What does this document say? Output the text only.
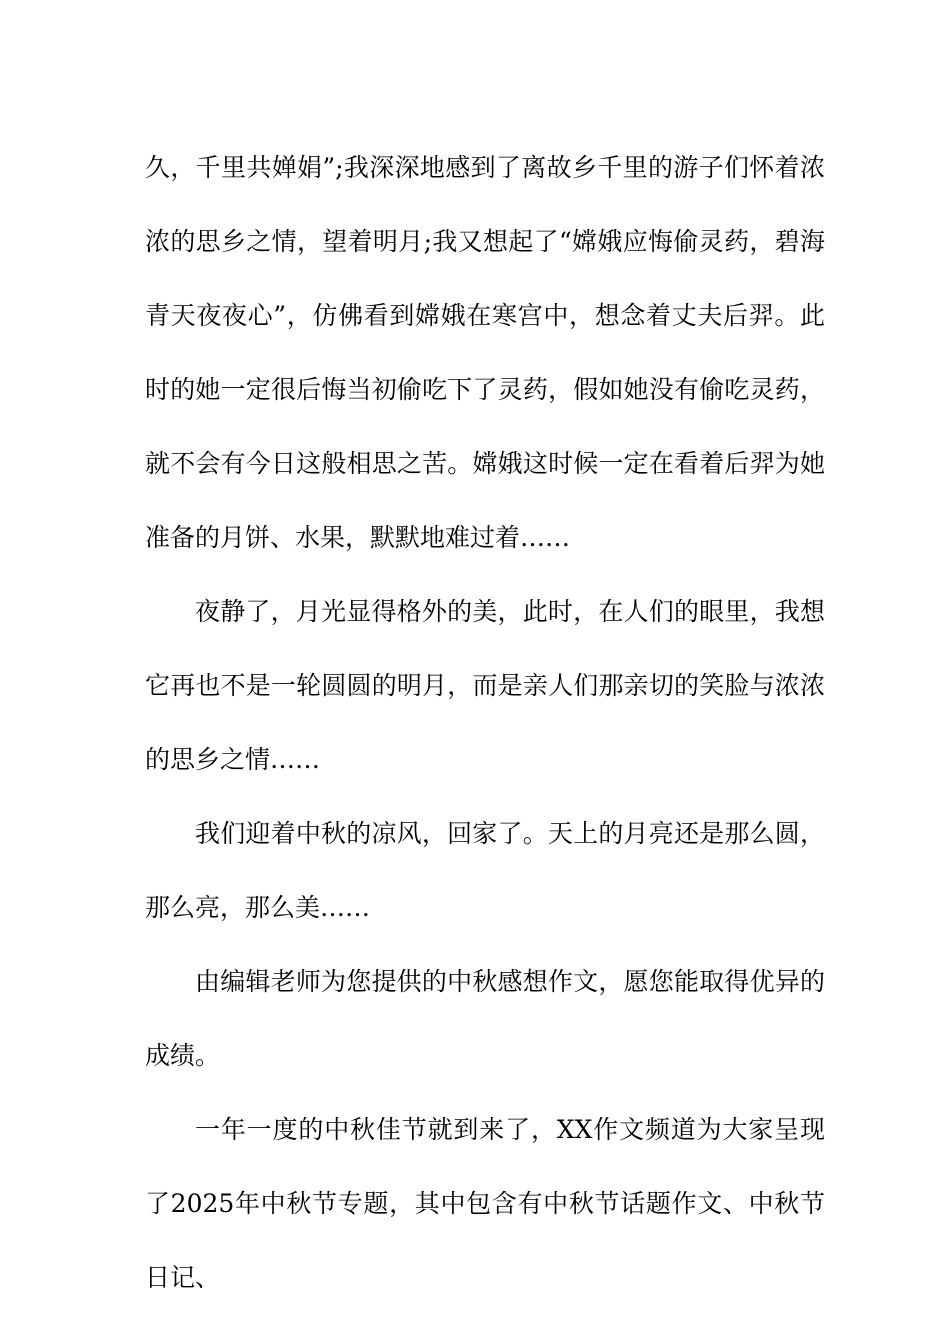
久，千里共婵娟”;我深深地感到了离故乡千里的游子们怀着浓浓的思乡之情，望着明月;我又想起了“嫦娥应悔偷灵药，碧海青天夜夜心”，仿佛看到嫦娥在寒宫中，想念着丈夫后羿。此时的她一定很后悔当初偷吃下了灵药，假如她没有偷吃灵药，就不会有今日这般相思之苦。嫦娥这时候一定在看着后羿为她准备的月饼、水果，默默地难过着……

夜静了，月光显得格外的美，此时，在人们的眼里，我想它再也不是一轮圆圆的明月，而是亲人们那亲切的笑脸与浓浓的思乡之情……

我们迎着中秋的凉风，回家了。天上的月亮还是那么圆，那么亮，那么美……

由编辑老师为您提供的中秋感想作文，愿您能取得优异的成绩。

一年一度的中秋佳节就到来了，XX作文频道为大家呈现了2025年中秋节专题，其中包含有中秋节话题作文、中秋节日记、
